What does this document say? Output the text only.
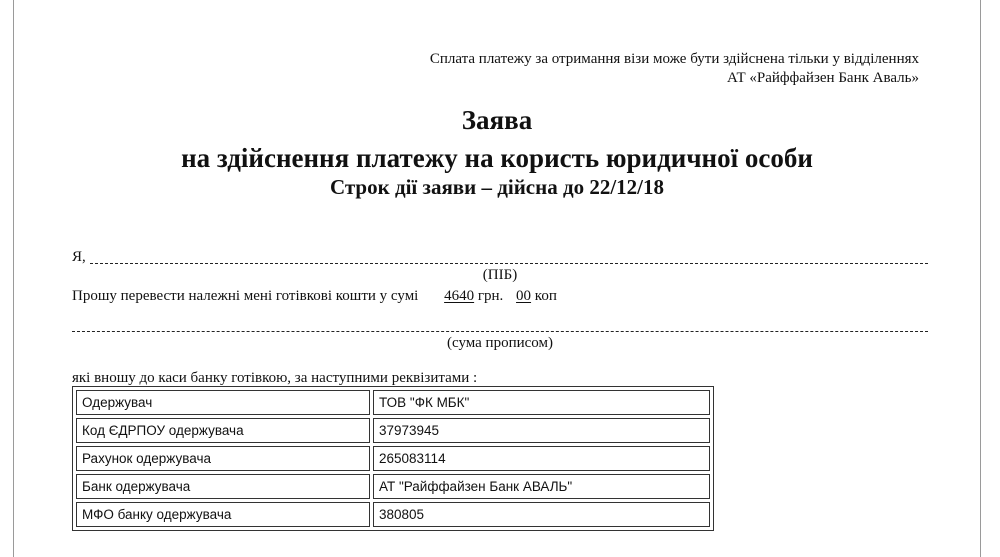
Сплата платежу за отримання візи може бути здійснена тільки у відділеннях
АТ «Райффайзен Банк Аваль»
Заява
на здійснення платежу на користь юридичної особи
Строк дії заяви – дійсна до 22/12/18
Я,
(ПІБ)
Прошу перевести належні мені готівкові кошти у сумі 4640 грн. 00 коп
(сума прописом)
які вношу до каси банку готівкою, за наступними реквізитами :
Одержувач	ТОВ "ФК МБК"
Код ЄДРПОУ одержувача	37973945
Рахунок одержувача	265083114
Банк одержувача	АТ "Райффайзен Банк АВАЛЬ"
МФО банку одержувача	380805
